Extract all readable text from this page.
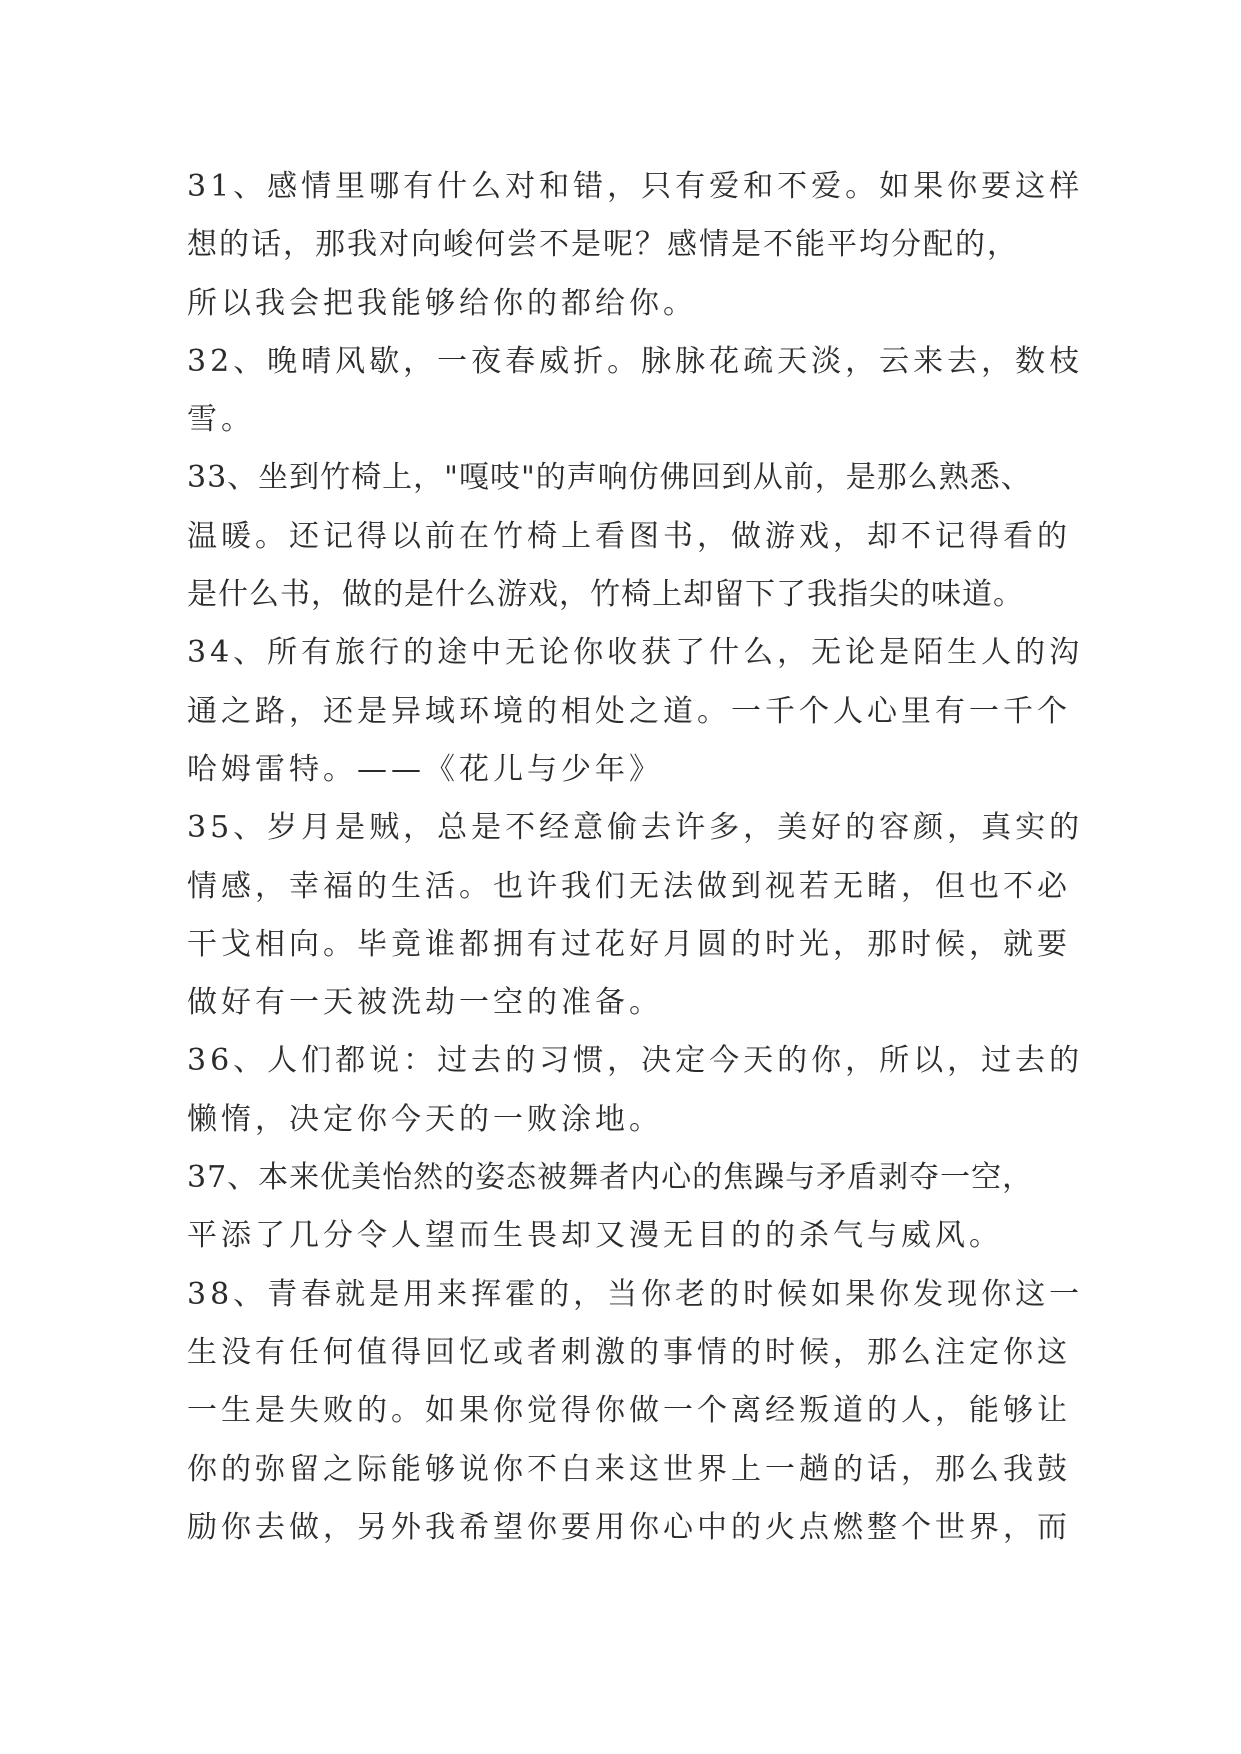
31、感情里哪有什么对和错，只有爱和不爱。如果你要这样
想的话，那我对向峻何尝不是呢？感情是不能平均分配的，
所以我会把我能够给你的都给你。
32、晚晴风歇，一夜春威折。脉脉花疏天淡，云来去，数枝
雪。
33、坐到竹椅上，"嘎吱"的声响仿佛回到从前，是那么熟悉、
温暖。还记得以前在竹椅上看图书，做游戏，却不记得看的
是什么书，做的是什么游戏，竹椅上却留下了我指尖的味道。
34、所有旅行的途中无论你收获了什么，无论是陌生人的沟
通之路，还是异域环境的相处之道。一千个人心里有一千个
哈姆雷特。——《花儿与少年》
35、岁月是贼，总是不经意偷去许多，美好的容颜，真实的
情感，幸福的生活。也许我们无法做到视若无睹，但也不必
干戈相向。毕竟谁都拥有过花好月圆的时光，那时候，就要
做好有一天被洗劫一空的准备。
36、人们都说：过去的习惯，决定今天的你，所以，过去的
懒惰，决定你今天的一败涂地。
37、本来优美怡然的姿态被舞者内心的焦躁与矛盾剥夺一空，
平添了几分令人望而生畏却又漫无目的的杀气与威风。
38、青春就是用来挥霍的，当你老的时候如果你发现你这一
生没有任何值得回忆或者刺激的事情的时候，那么注定你这
一生是失败的。如果你觉得你做一个离经叛道的人，能够让
你的弥留之际能够说你不白来这世界上一趟的话，那么我鼓
励你去做，另外我希望你要用你心中的火点燃整个世界，而
